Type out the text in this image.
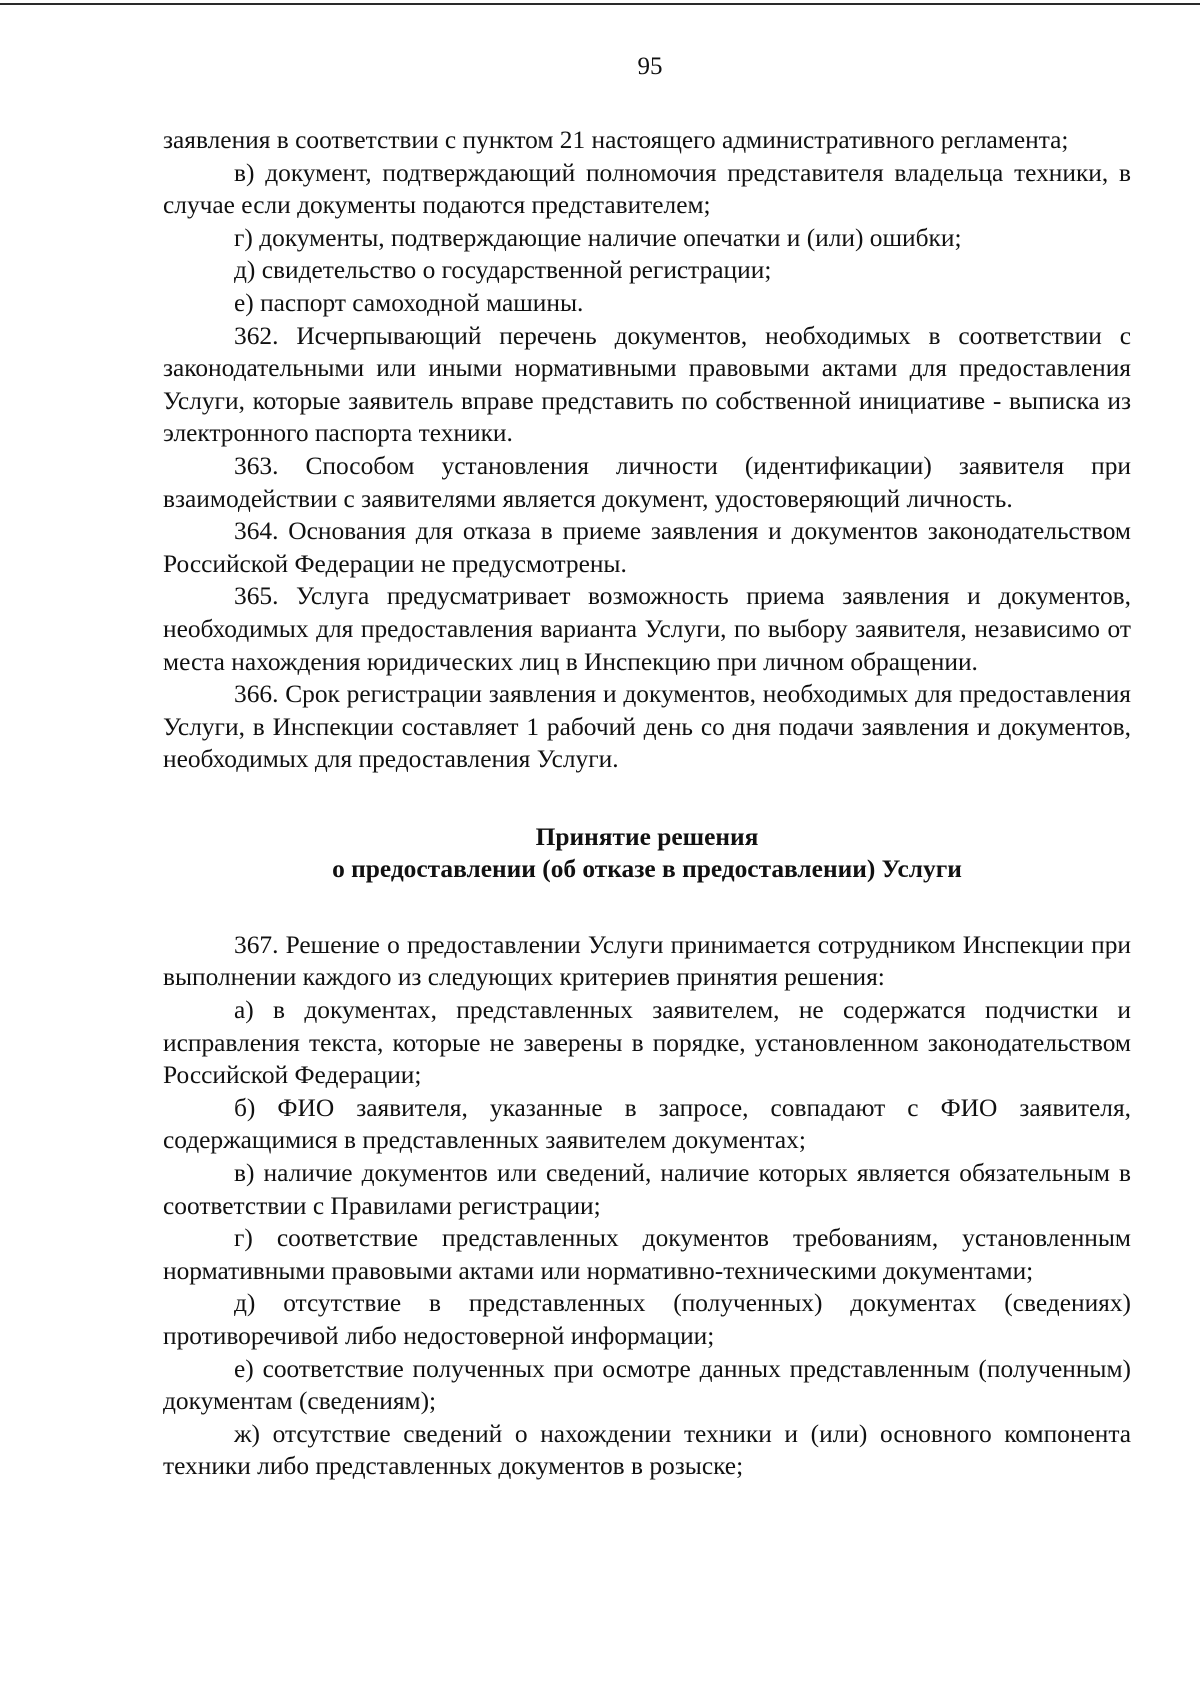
95

заявления в соответствии с пунктом 21 настоящего административного регламента;

в) документ, подтверждающий полномочия представителя владельца техники, в случае если документы подаются представителем;

г) документы, подтверждающие наличие опечатки и (или) ошибки;

д) свидетельство о государственной регистрации;

е) паспорт самоходной машины.

362. Исчерпывающий перечень документов, необходимых в соответствии с законодательными или иными нормативными правовыми актами для предоставления Услуги, которые заявитель вправе представить по собственной инициативе - выписка из электронного паспорта техники.

363. Способом установления личности (идентификации) заявителя при взаимодействии с заявителями является документ, удостоверяющий личность.

364. Основания для отказа в приеме заявления и документов законодательством Российской Федерации не предусмотрены.

365. Услуга предусматривает возможность приема заявления и документов, необходимых для предоставления варианта Услуги, по выбору заявителя, независимо от места нахождения юридических лиц в Инспекцию при личном обращении.

366. Срок регистрации заявления и документов, необходимых для предоставления Услуги, в Инспекции составляет 1 рабочий день со дня подачи заявления и документов, необходимых для предоставления Услуги.

Принятие решения
о предоставлении (об отказе в предоставлении) Услуги

367. Решение о предоставлении Услуги принимается сотрудником Инспекции при выполнении каждого из следующих критериев принятия решения:

а) в документах, представленных заявителем, не содержатся подчистки и исправления текста, которые не заверены в порядке, установленном законодательством Российской Федерации;

б) ФИО заявителя, указанные в запросе, совпадают с ФИО заявителя, содержащимися в представленных заявителем документах;

в) наличие документов или сведений, наличие которых является обязательным в соответствии с Правилами регистрации;

г) соответствие представленных документов требованиям, установленным нормативными правовыми актами или нормативно-техническими документами;

д) отсутствие в представленных (полученных) документах (сведениях) противоречивой либо недостоверной информации;

е) соответствие полученных при осмотре данных представленным (полученным) документам (сведениям);

ж) отсутствие сведений о нахождении техники и (или) основного компонента техники либо представленных документов в розыске;
